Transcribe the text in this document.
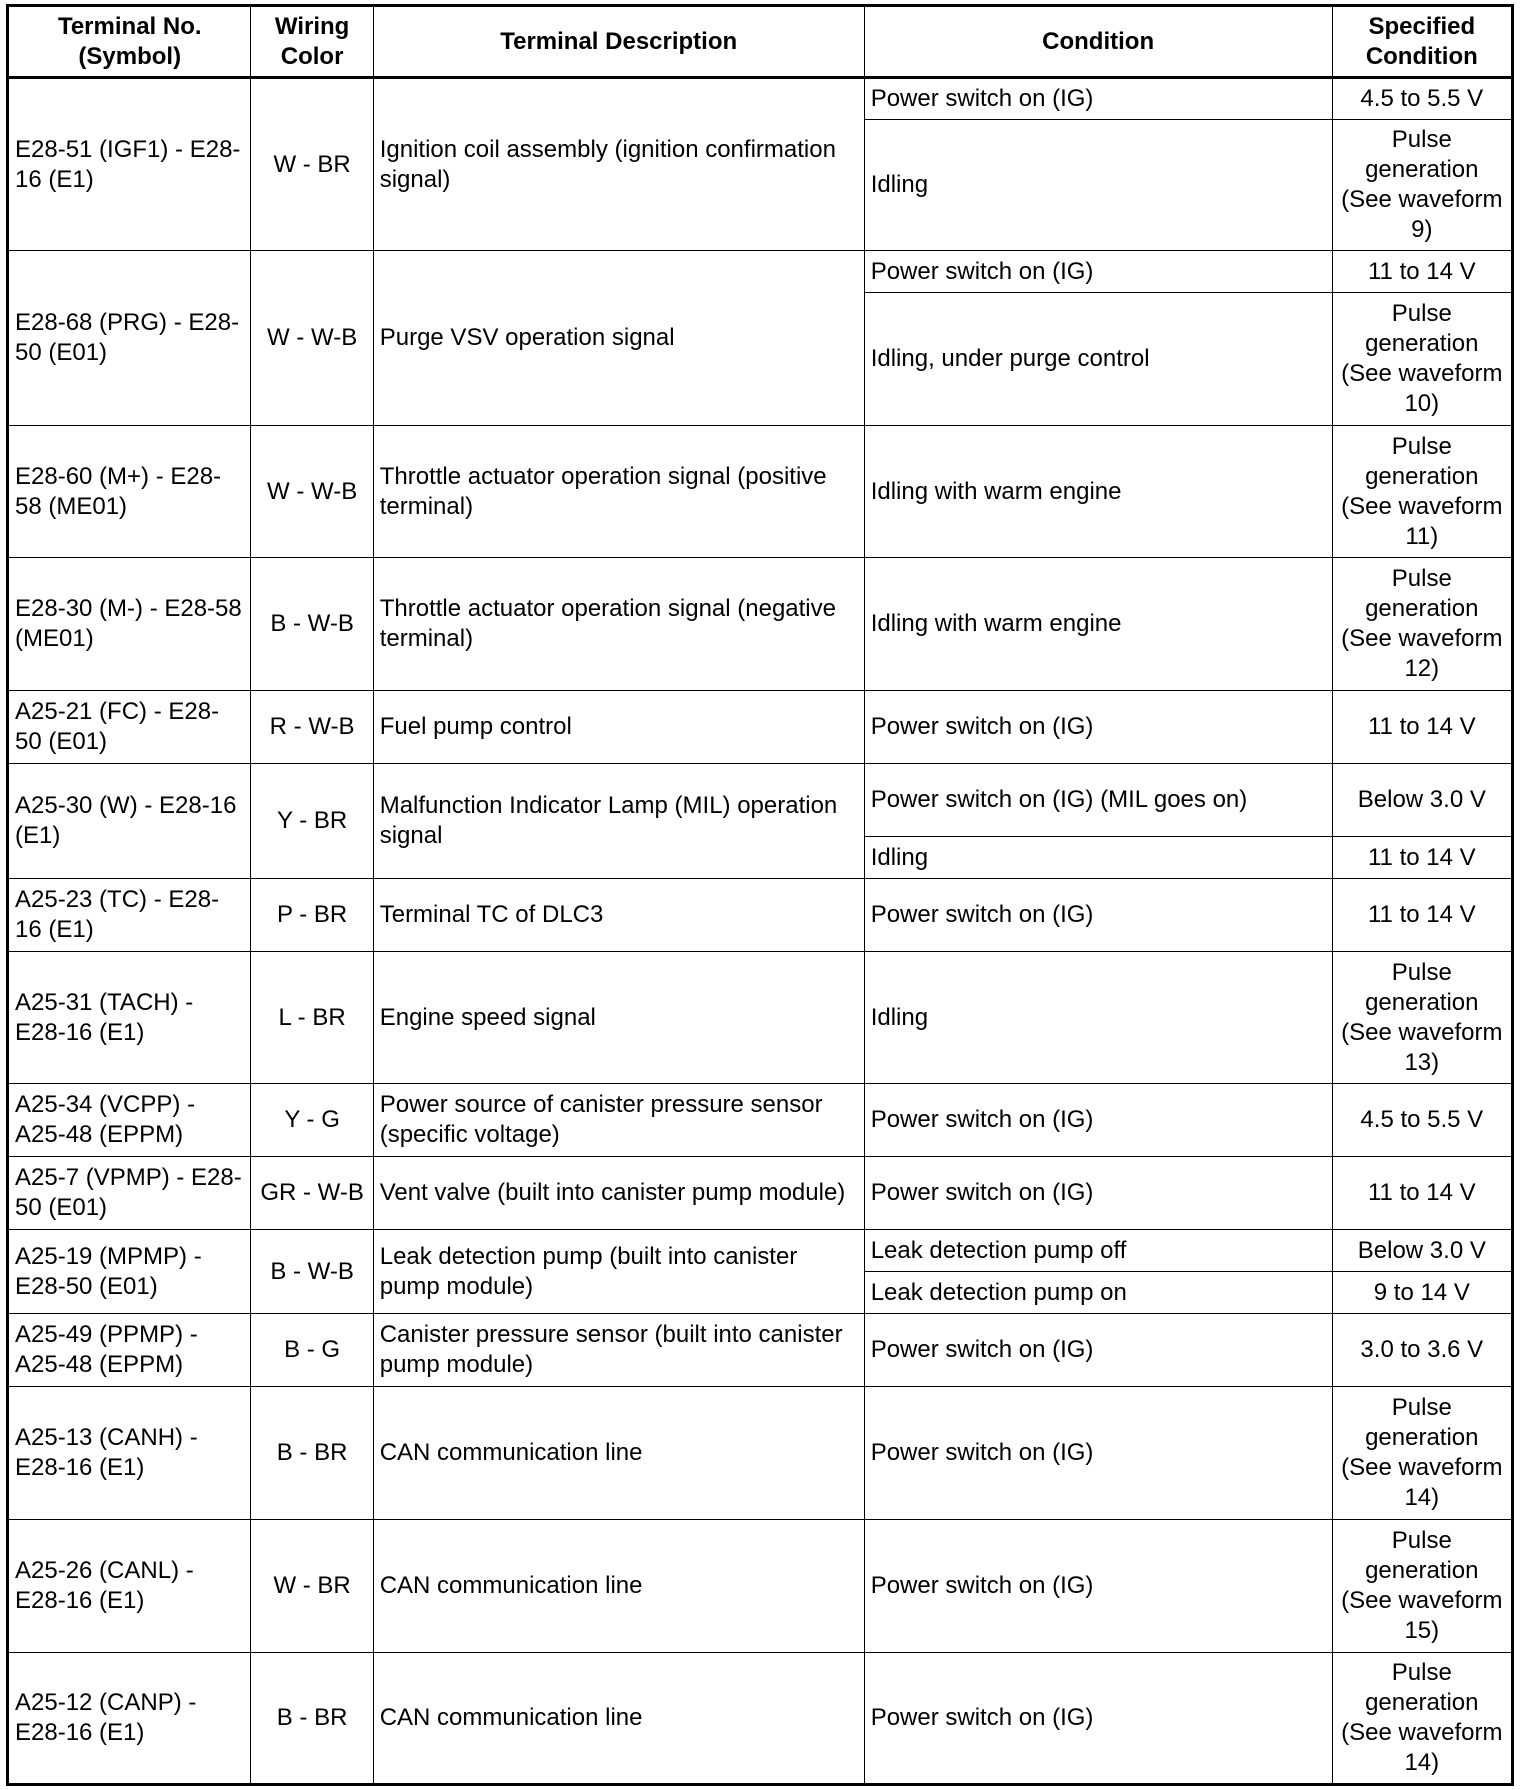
Terminal No. (Symbol)	Wiring Color	Terminal Description	Condition	Specified Condition
E28-51 (IGF1) - E28-16 (E1)	W - BR	Ignition coil assembly (ignition confirmation signal)	Power switch on (IG)	4.5 to 5.5 V
			Idling	Pulse generation (See waveform 9)
E28-68 (PRG) - E28-50 (E01)	W - W-B	Purge VSV operation signal	Power switch on (IG)	11 to 14 V
			Idling, under purge control	Pulse generation (See waveform 10)
E28-60 (M+) - E28-58 (ME01)	W - W-B	Throttle actuator operation signal (positive terminal)	Idling with warm engine	Pulse generation (See waveform 11)
E28-30 (M-) - E28-58 (ME01)	B - W-B	Throttle actuator operation signal (negative terminal)	Idling with warm engine	Pulse generation (See waveform 12)
A25-21 (FC) - E28-50 (E01)	R - W-B	Fuel pump control	Power switch on (IG)	11 to 14 V
A25-30 (W) - E28-16 (E1)	Y - BR	Malfunction Indicator Lamp (MIL) operation signal	Power switch on (IG) (MIL goes on)	Below 3.0 V
			Idling	11 to 14 V
A25-23 (TC) - E28-16 (E1)	P - BR	Terminal TC of DLC3	Power switch on (IG)	11 to 14 V
A25-31 (TACH) - E28-16 (E1)	L - BR	Engine speed signal	Idling	Pulse generation (See waveform 13)
A25-34 (VCPP) - A25-48 (EPPM)	Y - G	Power source of canister pressure sensor (specific voltage)	Power switch on (IG)	4.5 to 5.5 V
A25-7 (VPMP) - E28-50 (E01)	GR - W-B	Vent valve (built into canister pump module)	Power switch on (IG)	11 to 14 V
A25-19 (MPMP) - E28-50 (E01)	B - W-B	Leak detection pump (built into canister pump module)	Leak detection pump off	Below 3.0 V
			Leak detection pump on	9 to 14 V
A25-49 (PPMP) - A25-48 (EPPM)	B - G	Canister pressure sensor (built into canister pump module)	Power switch on (IG)	3.0 to 3.6 V
A25-13 (CANH) - E28-16 (E1)	B - BR	CAN communication line	Power switch on (IG)	Pulse generation (See waveform 14)
A25-26 (CANL) - E28-16 (E1)	W - BR	CAN communication line	Power switch on (IG)	Pulse generation (See waveform 15)
A25-12 (CANP) - E28-16 (E1)	B - BR	CAN communication line	Power switch on (IG)	Pulse generation (See waveform 14)
